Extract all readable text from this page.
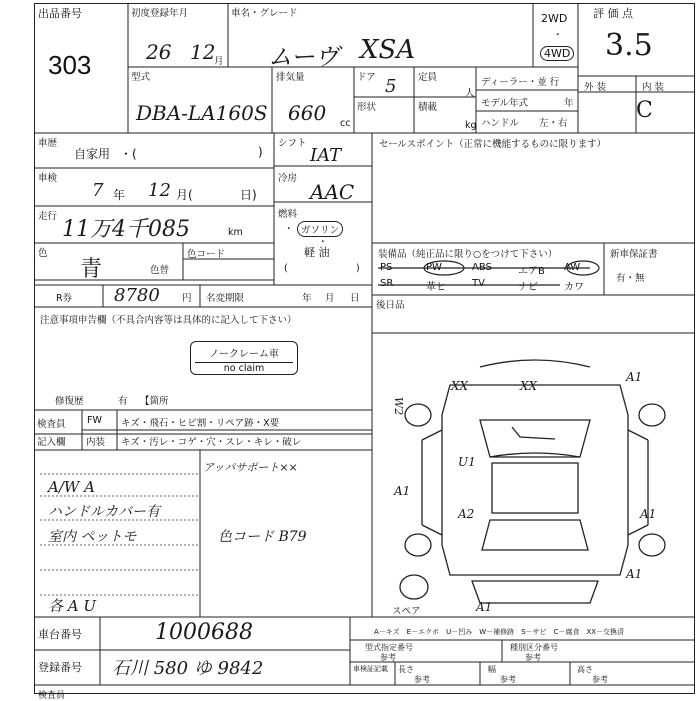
出品番号
303
初度登録年月
26 12
月
車名・グレード
ムーヴ XSA
2WD
・
4WD
評 価 点
3.5
外 装	内 装
C
型式
DBA-LA160S
排気量
660 cc
ドア 5 定員
人
形状	積載
kg
ディーラー・並 行
モデル年式	年
ハンドル 左・右
車歴
自家用 ・(	)
車検
7 年 12 月(	日)
走行
11万4千085	km
色
青	色替
色コード
シフト
IAT
冷房
AAC
燃料
・ ガソリン
・
軽 油
(	)
セールスポイント（正常に機能するものに限ります）
装備品（純正品に限り○をつけて下さい）
PS	PW	ABS	エアB AW
SR	革ヒ	TV	ナビ	カワ
新車保証書
有・無
後日品
R券 8780 円 名変期限	年 月 日
注意事項申告欄（不具合内容等は具体的に記入して下さい）
ノークレーム車
no claim
修復歴	有 【箇所
検査員 FW キズ・飛石・ヒビ割・リペア跡・X要
記入欄 内装 キズ・汚レ・コゲ・穴・スレ・キレ・破レ
アッパサポート××
A/W A
ハンドルカバー有
室内 ペットモ	色コード B79
各 A U
XX	XX
A1
W2
U1
A1
A2	A1
A1
A1
スペア
車台番号	1000688
登録番号 石川 580 ゆ 9842
A－キズ　E－エクボ　U－凹み　W－補修跡　S－サビ　C－腐食　XX－交換済
型式指定番号
参考
種別区分番号
参考
車検証記載 長さ	幅	高さ
参考	参考	参考
検査員
